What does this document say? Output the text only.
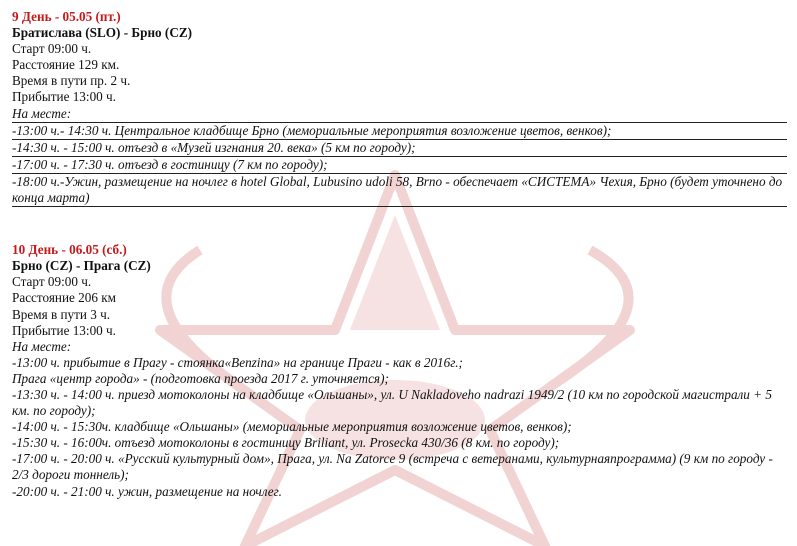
9 День - 05.05 (пт.)
Братислава (SLO) - Брно (CZ)
Старт 09:00 ч.
Расстояние 129 км.
Время в пути пр. 2 ч.
Прибытие 13:00 ч.
На месте:
-13:00 ч.- 14:30 ч. Центральное кладбище Брно (мемориальные мероприятия возложение цветов, венков);
-14:30 ч. - 15:00 ч. отъезд в «Музей изгнания 20. века» (5 км по городу);
-17:00 ч. - 17:30 ч. отъезд в гостиницу (7 км по городу);
-18:00 ч.-Ужин, размещение на ночлег в hotel Global, Lubusino udoli 58, Brno - обеспечает «СИСТЕМА» Чехия, Брно (будет уточнено до конца марта)
10 День - 06.05 (сб.)
Брно (CZ) - Прага (CZ)
Старт 09:00 ч.
Расстояние 206 км
Время в пути 3 ч.
Прибытие 13:00 ч.
На месте:
-13:00 ч. прибытие в Прагу - стоянка«Benzina» на границе Праги - как в 2016г.;
Прага «центр города» - (подготовка проезда 2017 г. уточняется);
-13:30 ч. - 14:00 ч. приезд мотоколоны на кладбище «Ольшаны», ул. U Nakladoveho nadrazi 1949/2 (10 км по городской магистрали + 5 км. по городу);
-14:00 ч. - 15:30ч. кладбище «Ольшаны» (мемориальные мероприятия возложение цветов, венков);
-15:30 ч. - 16:00ч. отъезд мотоколоны в гостиницу Briliant, ул. Prosecka 430/36 (8 км. по городу);
-17:00 ч. - 20:00 ч. «Русский культурный дом», Прага, ул. Na Zatorce 9 (встреча с ветеранами, культурнаяпрограмма) (9 км по городу - 2/3 дороги тоннель);
-20:00 ч. - 21:00 ч. ужин, размещение на ночлег.
